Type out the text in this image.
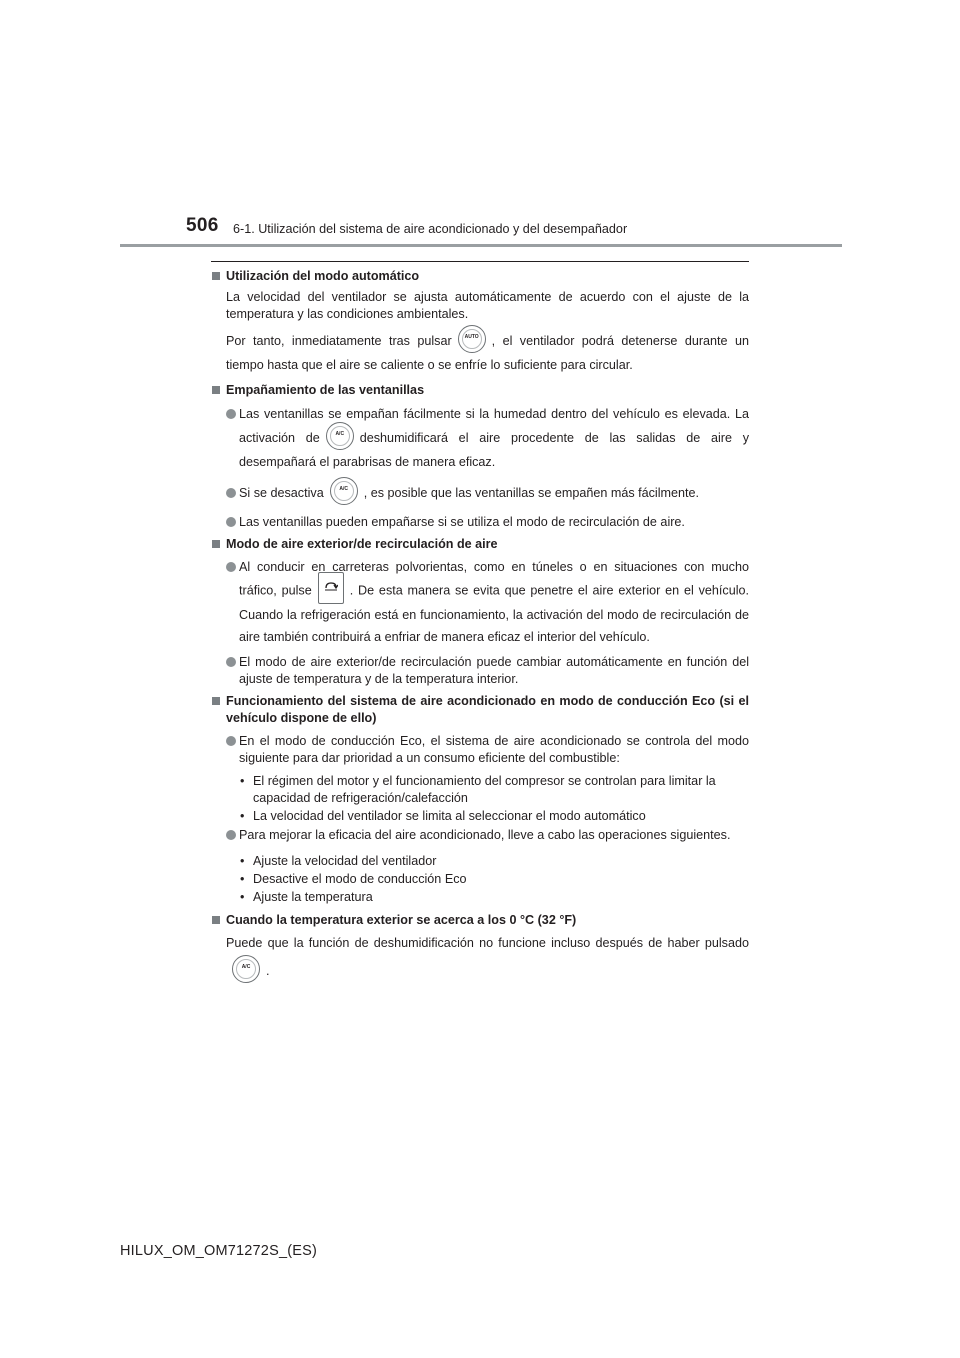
506 6-1. Utilización del sistema de aire acondicionado y del desempañador
Utilización del modo automático
La velocidad del ventilador se ajusta automáticamente de acuerdo con el ajuste de la temperatura y las condiciones ambientales.
Por tanto, inmediatamente tras pulsar	AUTO	, el ventilador podrá detenerse durante un tiempo hasta que el aire se caliente o se enfríe lo suficiente para circular.
Empañamiento de las ventanillas
Las ventanillas se empañan fácilmente si la humedad dentro del vehículo es elevada. La activación de	A/C	deshumidificará el aire procedente de las salidas de aire y desempañará el parabrisas de manera eficaz.
Si se desactiva	A/C	, es posible que las ventanillas se empañen más fácilmente.
Las ventanillas pueden empañarse si se utiliza el modo de recirculación de aire.
Modo de aire exterior/de recirculación de aire
Al conducir en carreteras polvorientas, como en túneles o en situaciones con mucho tráfico, pulse	. De esta manera se evita que penetre el aire exterior en el vehículo. Cuando la refrigeración está en funcionamiento, la activación del modo de recirculación de aire también contribuirá a enfriar de manera eficaz el interior del vehículo.
El modo de aire exterior/de recirculación puede cambiar automáticamente en función del ajuste de temperatura y de la temperatura interior.
Funcionamiento del sistema de aire acondicionado en modo de conducción Eco (si el vehículo dispone de ello)
En el modo de conducción Eco, el sistema de aire acondicionado se controla del modo siguiente para dar prioridad a un consumo eficiente del combustible:
• El régimen del motor y el funcionamiento del compresor se controlan para limitar la capacidad de refrigeración/calefacción
• La velocidad del ventilador se limita al seleccionar el modo automático
Para mejorar la eficacia del aire acondicionado, lleve a cabo las operaciones siguientes.
• Ajuste la velocidad del ventilador
• Desactive el modo de conducción Eco
• Ajuste la temperatura
Cuando la temperatura exterior se acerca a los 0 °C (32 °F)
Puede que la función de deshumidificación no funcione incluso después de haber pulsado
A/C	.
HILUX_OM_OM71272S_(ES)
